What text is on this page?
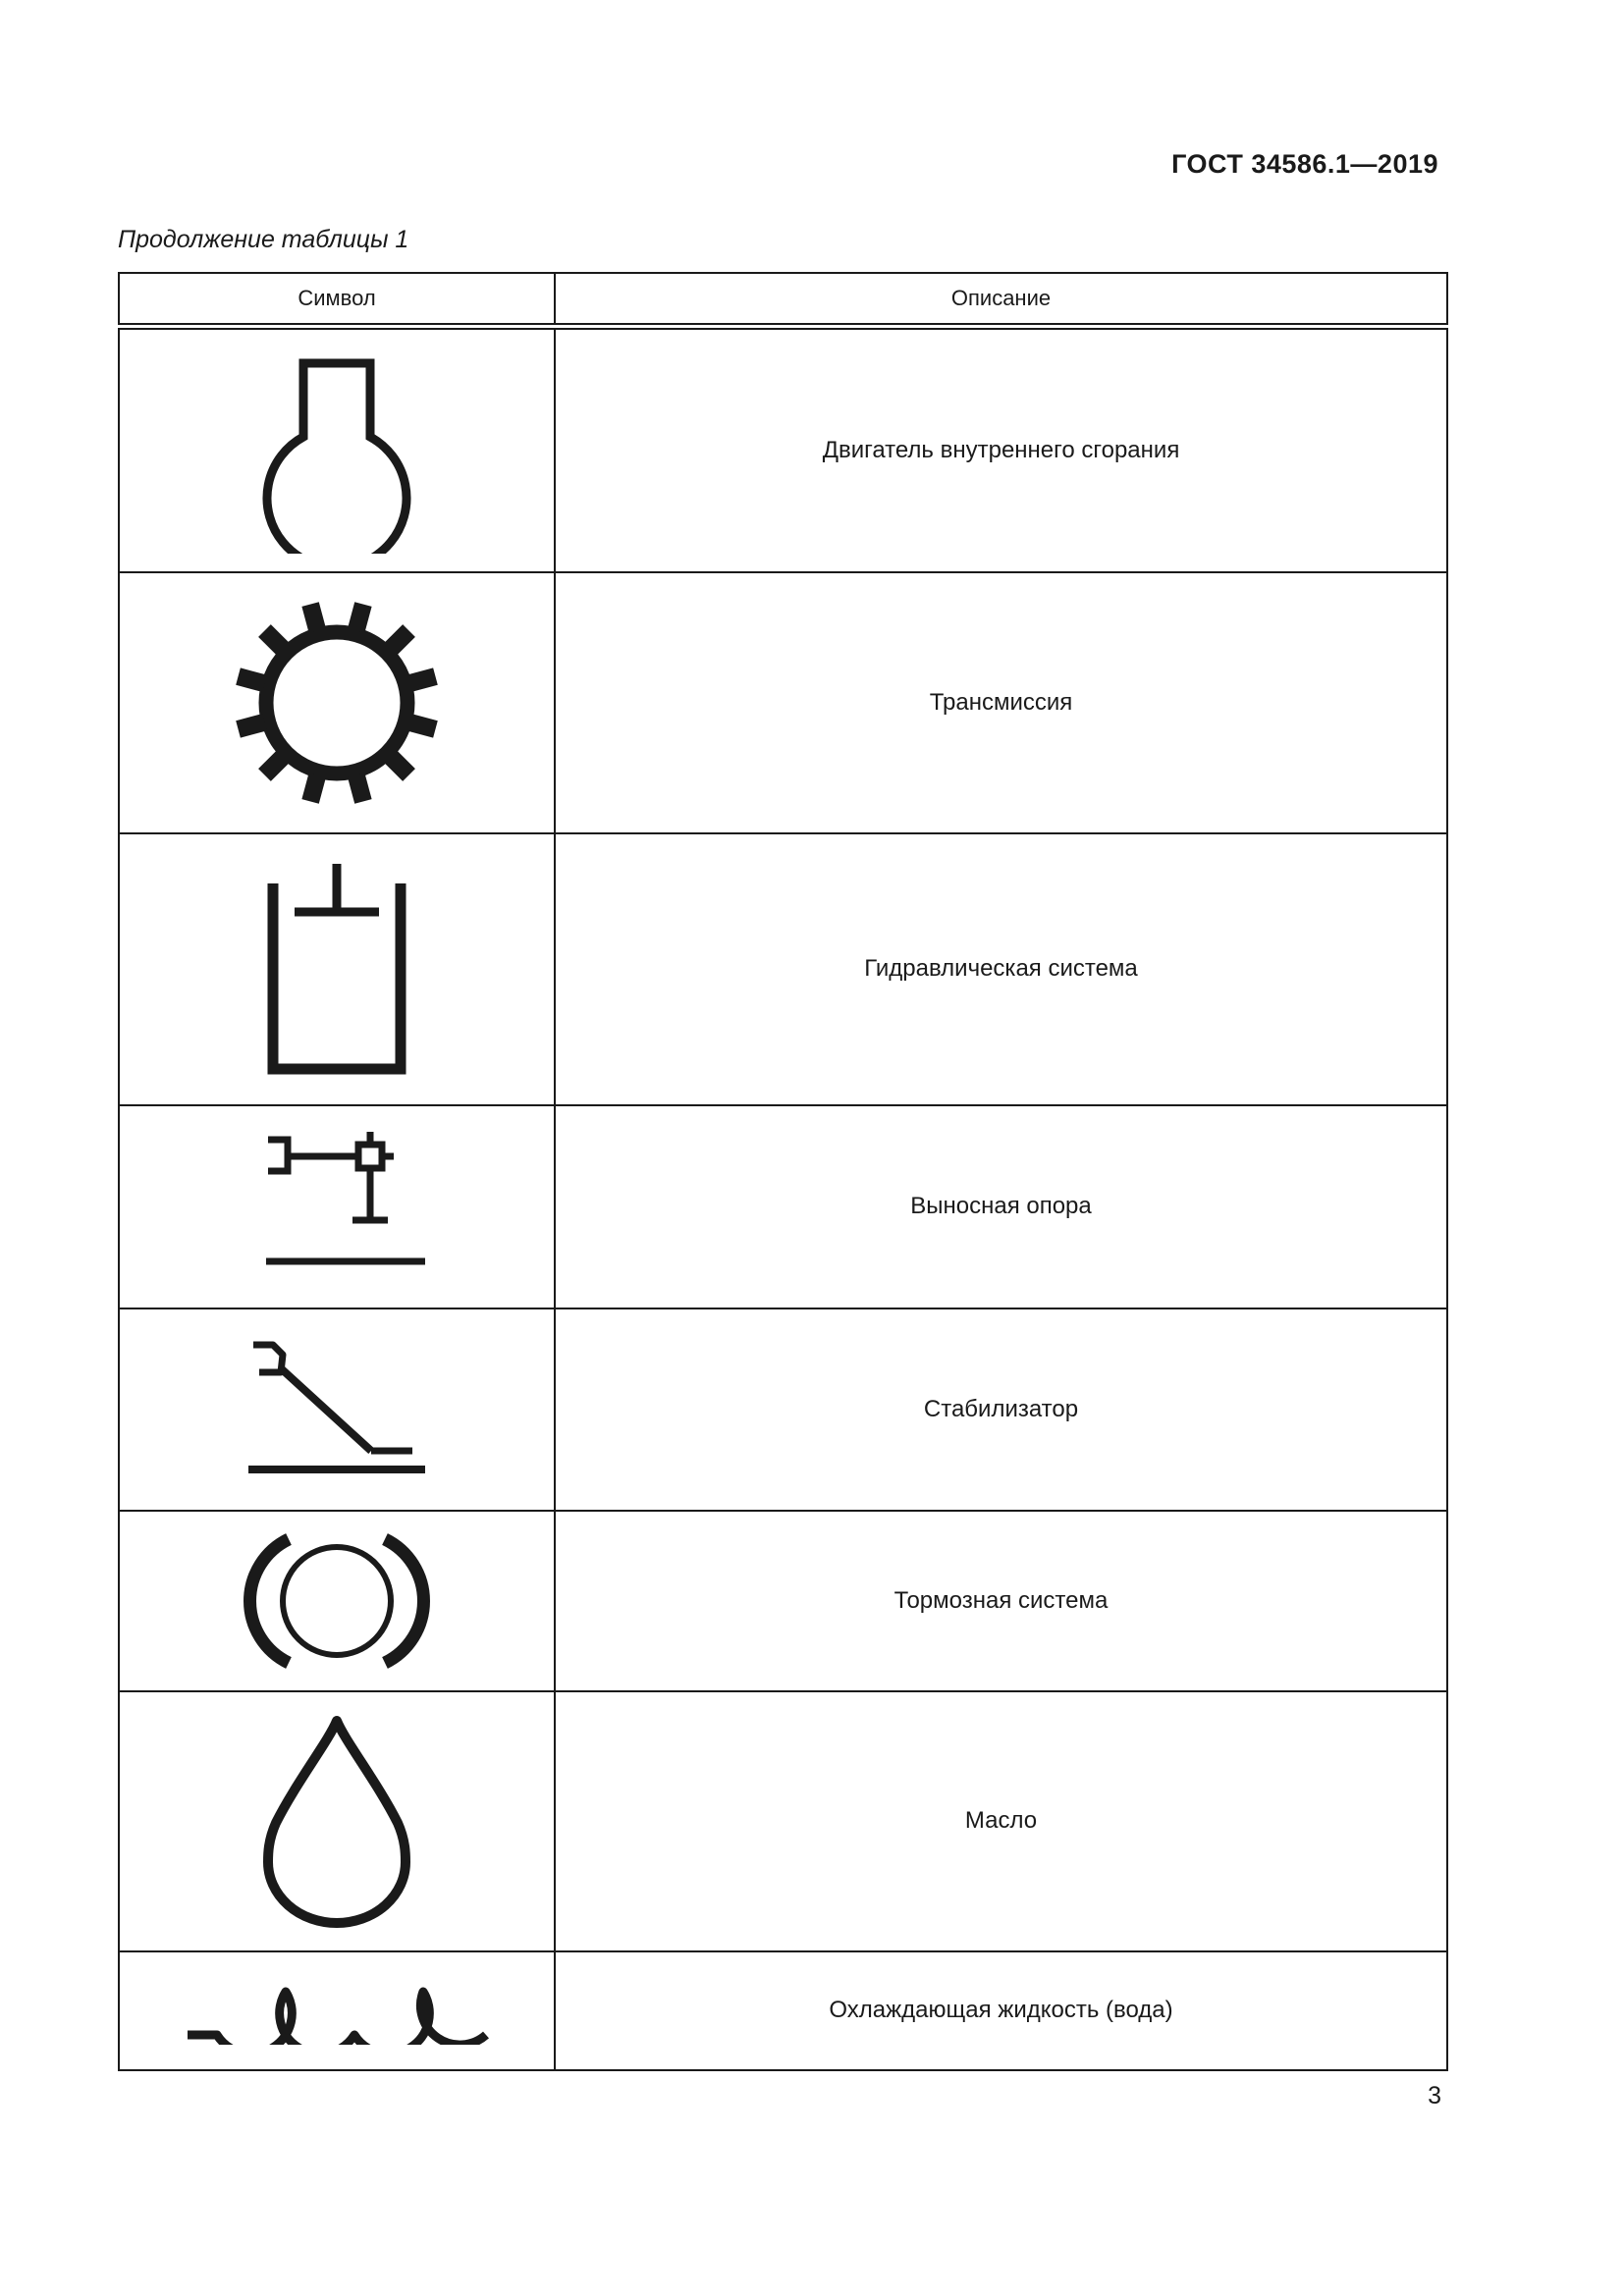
ГОСТ 34586.1—2019
Продолжение таблицы 1
Символ	Описание

	Двигатель внутреннего сгорания

	Трансмиссия

	Гидравлическая система

	Выносная опора

	Стабилизатор

	Тормозная система

	Масло

	Охлаждающая жидкость (вода)
3
